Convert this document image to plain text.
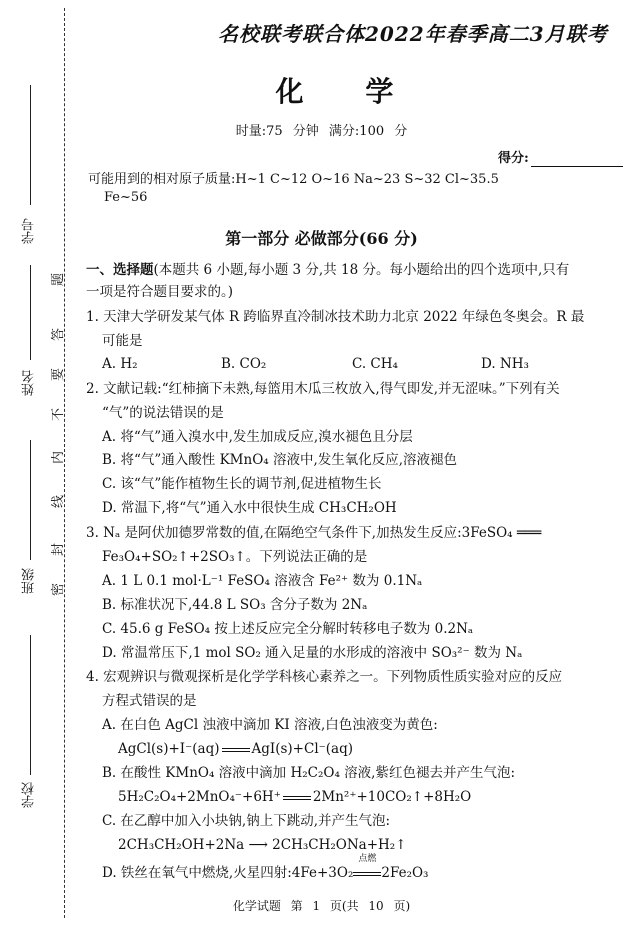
学号
姓名
班级
学校
题
答
要
不
内
线
封
密
名校联考联合体2022年春季高二3月联考
化 学
时量:75 分钟 满分:100 分
得分:
可能用到的相对原子质量:H~1 C~12 O~16 Na~23 S~32 Cl~35.5
Fe~56
第一部分 必做部分(66 分)
一、选择题(本题共 6 小题,每小题 3 分,共 18 分。每小题给出的四个选项中,只有
一项是符合题目要求的。)
1. 天津大学研发某气体 R 跨临界直冷制冰技术助力北京 2022 年绿色冬奥会。R 最
可能是
A. H₂	B. CO₂	C. CH₄	D. NH₃
2. 文献记载:“红柿摘下未熟,每篮用木瓜三枚放入,得气即发,并无涩味。”下列有关
“气”的说法错误的是
A. 将“气”通入溴水中,发生加成反应,溴水褪色且分层
B. 将“气”通入酸性 KMnO₄ 溶液中,发生氧化反应,溶液褪色
C. 该“气”能作植物生长的调节剂,促进植物生长
D. 常温下,将“气”通入水中很快生成 CH₃CH₂OH
3. Nₐ 是阿伏加德罗常数的值,在隔绝空气条件下,加热发生反应:3FeSO₄ ═══
Fe₃O₄+SO₂↑+2SO₃↑。下列说法正确的是
A. 1 L 0.1 mol·L⁻¹ FeSO₄ 溶液含 Fe²⁺ 数为 0.1Nₐ
B. 标准状况下,44.8 L SO₃ 含分子数为 2Nₐ
C. 45.6 g FeSO₄ 按上述反应完全分解时转移电子数为 0.2Nₐ
D. 常温常压下,1 mol SO₂ 通入足量的水形成的溶液中 SO₃²⁻ 数为 Nₐ
4. 宏观辨识与微观探析是化学学科核心素养之一。下列物质性质实验对应的反应
方程式错误的是
A. 在白色 AgCl 浊液中滴加 KI 溶液,白色浊液变为黄色:
AgCl(s)+I⁻(aq) AgI(s)+Cl⁻(aq)
B. 在酸性 KMnO₄ 溶液中滴加 H₂C₂O₄ 溶液,紫红色褪去并产生气泡:
5H₂C₂O₄+2MnO₄⁻+6H⁺ 2Mn²⁺+10CO₂↑+8H₂O
C. 在乙醇中加入小块钠,钠上下跳动,并产生气泡:
2CH₃CH₂OH+2Na ⟶ 2CH₃CH₂ONa+H₂↑
D. 铁丝在氧气中燃烧,火星四射:4Fe+3O₂
点燃
2Fe₂O₃
化学试题 第 1 页(共 10 页)
